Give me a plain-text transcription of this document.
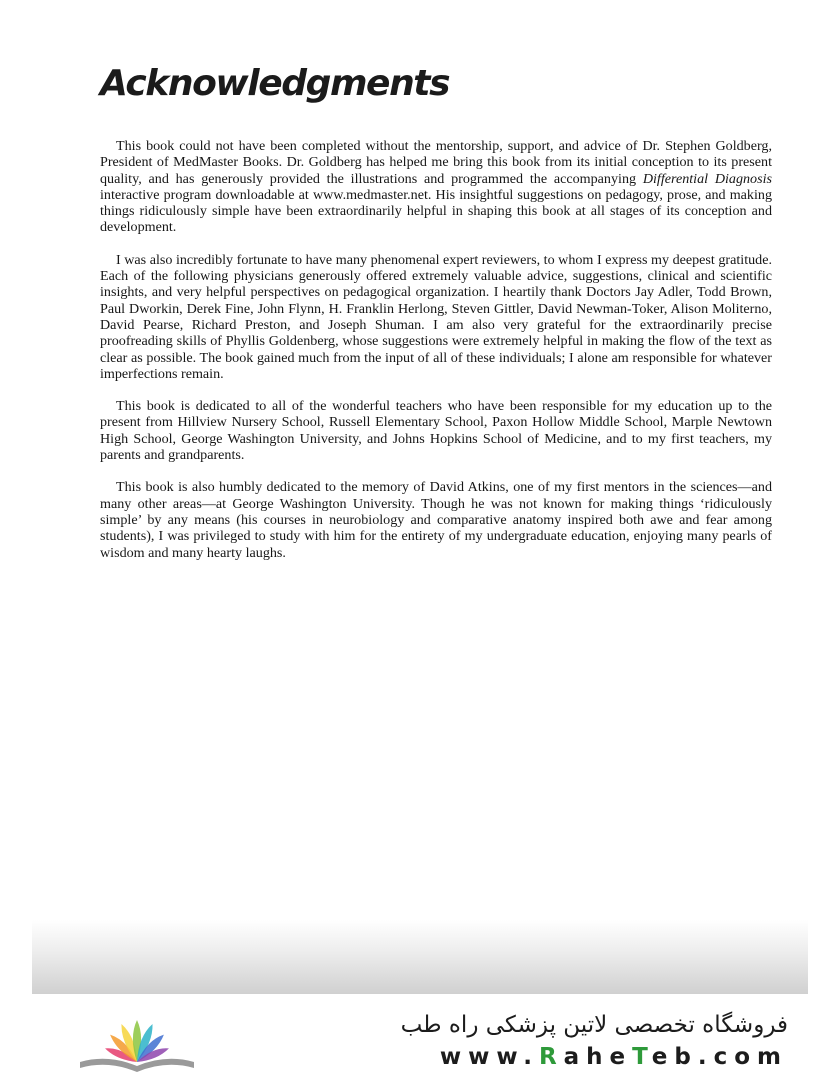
Acknowledgments

This book could not have been completed without the mentorship, support, and advice of Dr. Stephen Goldberg, President of MedMaster Books. Dr. Goldberg has helped me bring this book from its initial conception to its present quality, and has generously provided the illustrations and programmed the accompanying Differential Diagnosis interactive program downloadable at www.medmaster.net. His insightful suggestions on pedagogy, prose, and making things ridiculously simple have been extraordinarily helpful in shaping this book at all stages of its conception and development.

I was also incredibly fortunate to have many phenomenal expert reviewers, to whom I express my deepest gratitude. Each of the following physicians generously offered extremely valuable advice, suggestions, clinical and scientific insights, and very helpful perspectives on pedagogical organization. I heartily thank Doctors Jay Adler, Todd Brown, Paul Dworkin, Derek Fine, John Flynn, H. Franklin Herlong, Steven Gittler, David Newman-Toker, Alison Moliterno, David Pearse, Richard Preston, and Joseph Shuman. I am also very grateful for the extraordinarily precise proofreading skills of Phyllis Goldenberg, whose suggestions were extremely helpful in making the flow of the text as clear as possible. The book gained much from the input of all of these individuals; I alone am responsible for whatever imperfections remain.

This book is dedicated to all of the wonderful teachers who have been responsible for my education up to the present from Hillview Nursery School, Russell Elementary School, Paxon Hollow Middle School, Marple Newtown High School, George Washington University, and Johns Hopkins School of Medicine, and to my first teachers, my parents and grandparents.

This book is also humbly dedicated to the memory of David Atkins, one of my first mentors in the sciences—and many other areas—at George Washington University. Though he was not known for making things ‘ridiculously simple’ by any means (his courses in neurobiology and comparative anatomy inspired both awe and fear among students), I was privileged to study with him for the entirety of my undergraduate education, enjoying many pearls of wisdom and many hearty laughs.

فروشگاه تخصصی لاتین پزشکی راه طب
www.RaheTeb.com
